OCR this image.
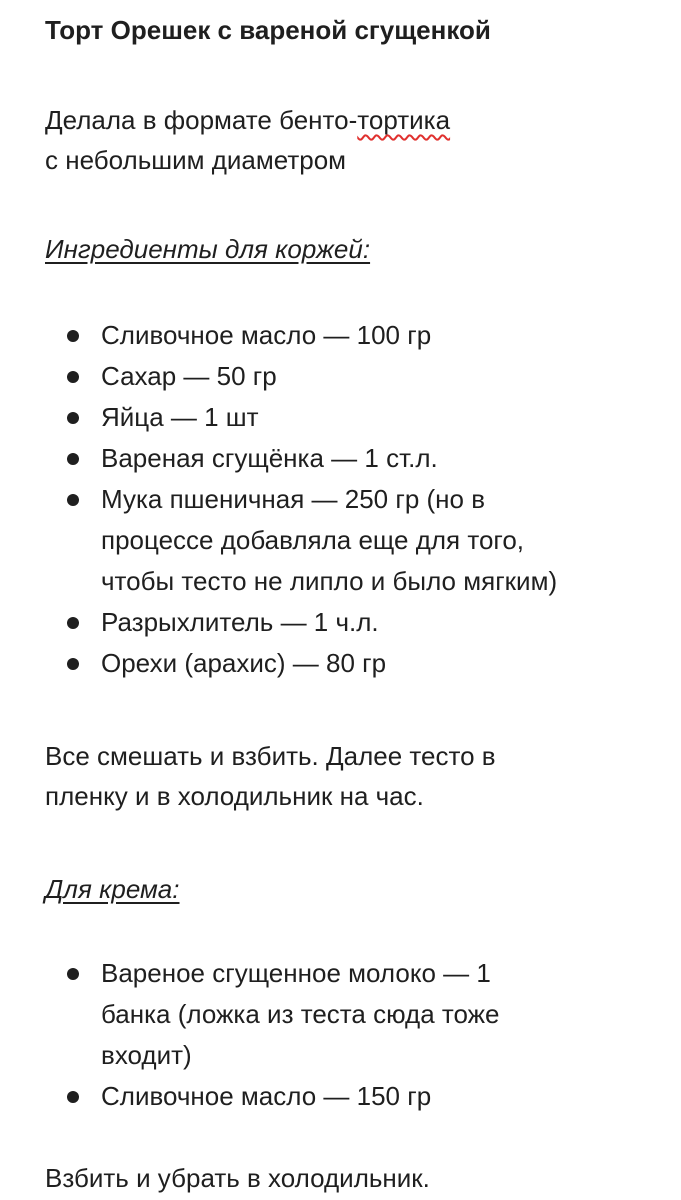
Торт Орешек с вареной сгущенкой
Делала в формате бенто-тортика
с небольшим диаметром
Ингредиенты для коржей:
Сливочное масло — 100 гр
Сахар — 50 гр
Яйца — 1 шт
Вареная сгущёнка — 1 ст.л.
Мука пшеничная — 250 гр (но в
процессе добавляла еще для того,
чтобы тесто не липло и было мягким)
Разрыхлитель — 1 ч.л.
Орехи (арахис) — 80 гр
Все смешать и взбить. Далее тесто в
пленку и в холодильник на час.
Для крема:
Вареное сгущенное молоко — 1
банка (ложка из теста сюда тоже
входит)
Сливочное масло — 150 гр
Взбить и убрать в холодильник.
